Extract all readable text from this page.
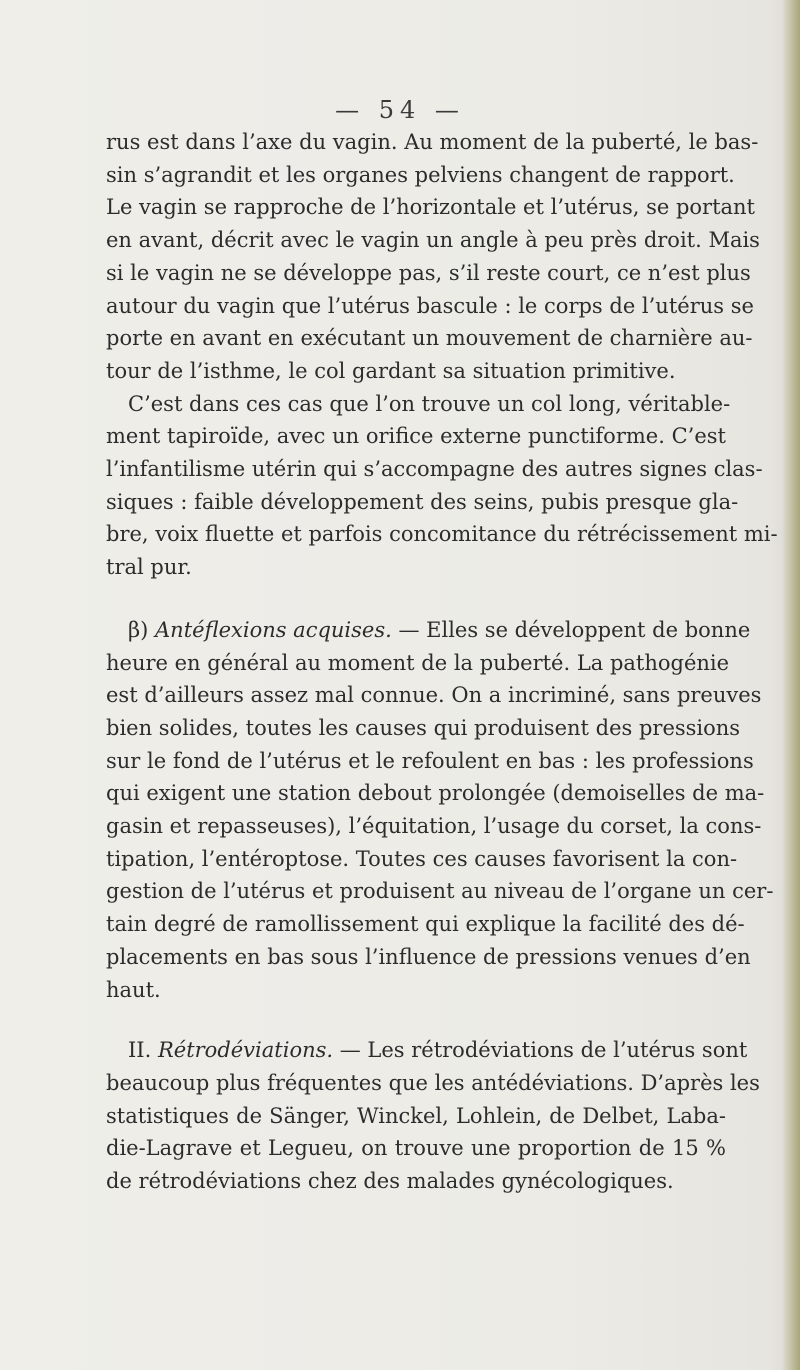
— 54 —

rus est dans l’axe du vagin. Au moment de la puberté, le bas-

sin s’agrandit et les organes pelviens changent de rapport.

Le vagin se rapproche de l’horizontale et l’utérus, se portant

en avant, décrit avec le vagin un angle à peu près droit. Mais

si le vagin ne se développe pas, s’il reste court, ce n’est plus

autour du vagin que l’utérus bascule : le corps de l’utérus se

porte en avant en exécutant un mouvement de charnière au-

tour de l’isthme, le col gardant sa situation primitive.

C’est dans ces cas que l’on trouve un col long, véritable-

ment tapiroïde, avec un orifice externe punctiforme. C’est

l’infantilisme utérin qui s’accompagne des autres signes clas-

siques : faible développement des seins, pubis presque gla-

bre, voix fluette et parfois concomitance du rétrécissement mi-

tral pur.

β) Antéflexions acquises. — Elles se développent de bonne

heure en général au moment de la puberté. La pathogénie

est d’ailleurs assez mal connue. On a incriminé, sans preuves

bien solides, toutes les causes qui produisent des pressions

sur le fond de l’utérus et le refoulent en bas : les professions

qui exigent une station debout prolongée (demoiselles de ma-

gasin et repasseuses), l’équitation, l’usage du corset, la cons-

tipation, l’entéroptose. Toutes ces causes favorisent la con-

gestion de l’utérus et produisent au niveau de l’organe un cer-

tain degré de ramollissement qui explique la facilité des dé-

placements en bas sous l’influence de pressions venues d’en

haut.

II. Rétrodéviations. — Les rétrodéviations de l’utérus sont

beaucoup plus fréquentes que les antédéviations. D’après les

statistiques de Sänger, Winckel, Lohlein, de Delbet, Laba-

die-Lagrave et Legueu, on trouve une proportion de 15 %

de rétrodéviations chez des malades gynécologiques.
